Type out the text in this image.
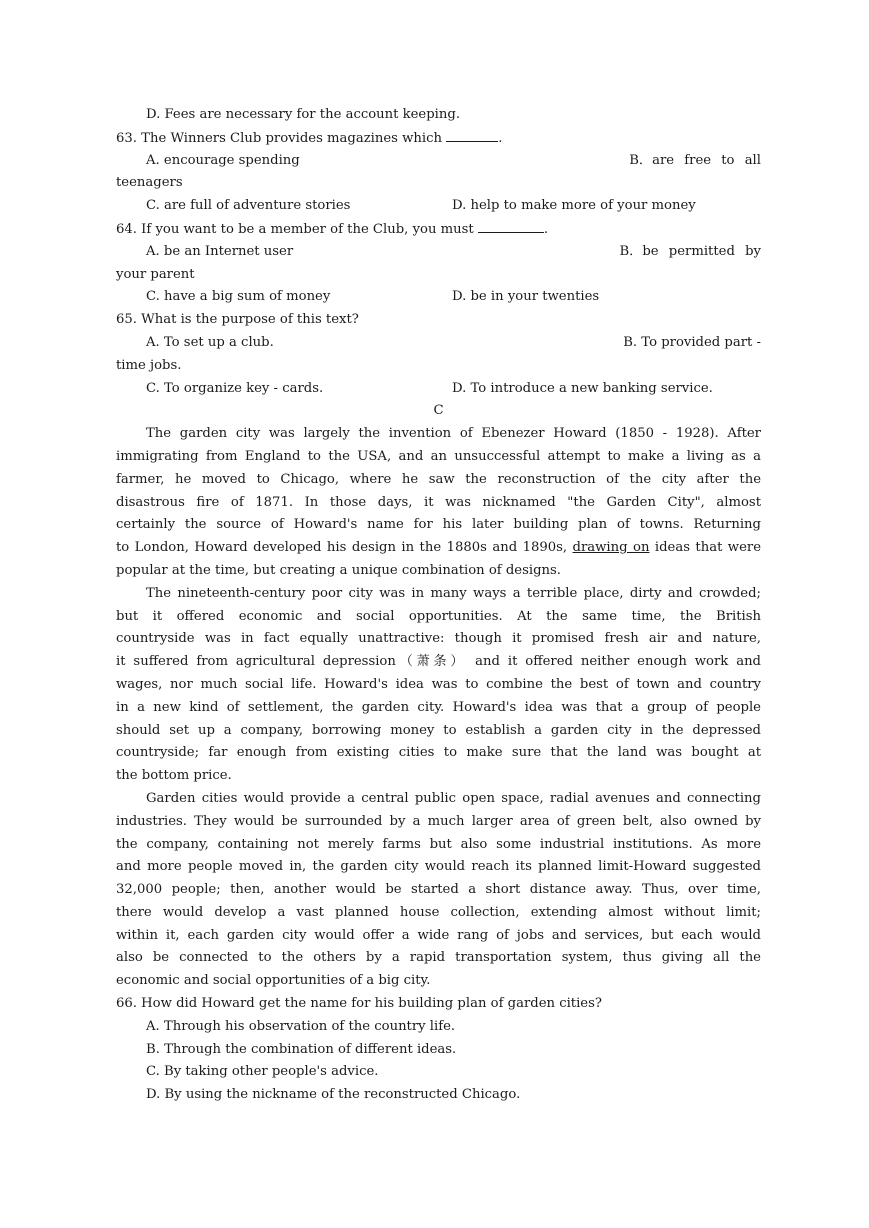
D. Fees are necessary for the account keeping.
63. The Winners Club provides magazines which	.
A. encourage spending	B．are free to all
teenagers
C. are full of adventure stories	D. help to make more of your money
64. If you want to be a member of the Club, you must	.
A. be an Internet user	B．be permitted by
your parent
C. have a big sum of money	D. be in your twenties
65. What is the purpose of this text?
A. To set up a club.	B. To provided part -
time jobs.
C. To organize key - cards.	D. To introduce a new banking service.
C
The garden city was largely the invention of Ebenezer Howard (1850 - 1928). After
immigrating from England to the USA, and an unsuccessful attempt to make a living as a
farmer, he moved to Chicago, where he saw the reconstruction of the city after the
disastrous fire of 1871. In those days, it was nicknamed "the Garden City", almost
certainly the source of Howard's name for his later building plan of towns. Returning
to London, Howard developed his design in the 1880s and 1890s, drawing on ideas that were
popular at the time, but creating a unique combination of designs.
The nineteenth-century poor city was in many ways a terrible place, dirty and crowded;
but it offered economic and social opportunities. At the same time, the British
countryside was in fact equally unattractive: though it promised fresh air and nature,
it suffered from agricultural depression（萧条） and it offered neither enough work and
wages, nor much social life. Howard's idea was to combine the best of town and country
in a new kind of settlement, the garden city. Howard's idea was that a group of people
should set up a company, borrowing money to establish a garden city in the depressed
countryside; far enough from existing cities to make sure that the land was bought at
the bottom price.
Garden cities would provide a central public open space, radial avenues and connecting
industries. They would be surrounded by a much larger area of green belt, also owned by
the company, containing not merely farms but also some industrial institutions. As more
and more people moved in, the garden city would reach its planned limit-Howard suggested
32,000 people; then, another would be started a short distance away. Thus, over time,
there would develop a vast planned house collection, extending almost without limit;
within it, each garden city would offer a wide rang of jobs and services, but each would
also be connected to the others by a rapid transportation system, thus giving all the
economic and social opportunities of a big city.
66. How did Howard get the name for his building plan of garden cities?
A. Through his observation of the country life.
B. Through the combination of different ideas.
C. By taking other people's advice.
D. By using the nickname of the reconstructed Chicago.
